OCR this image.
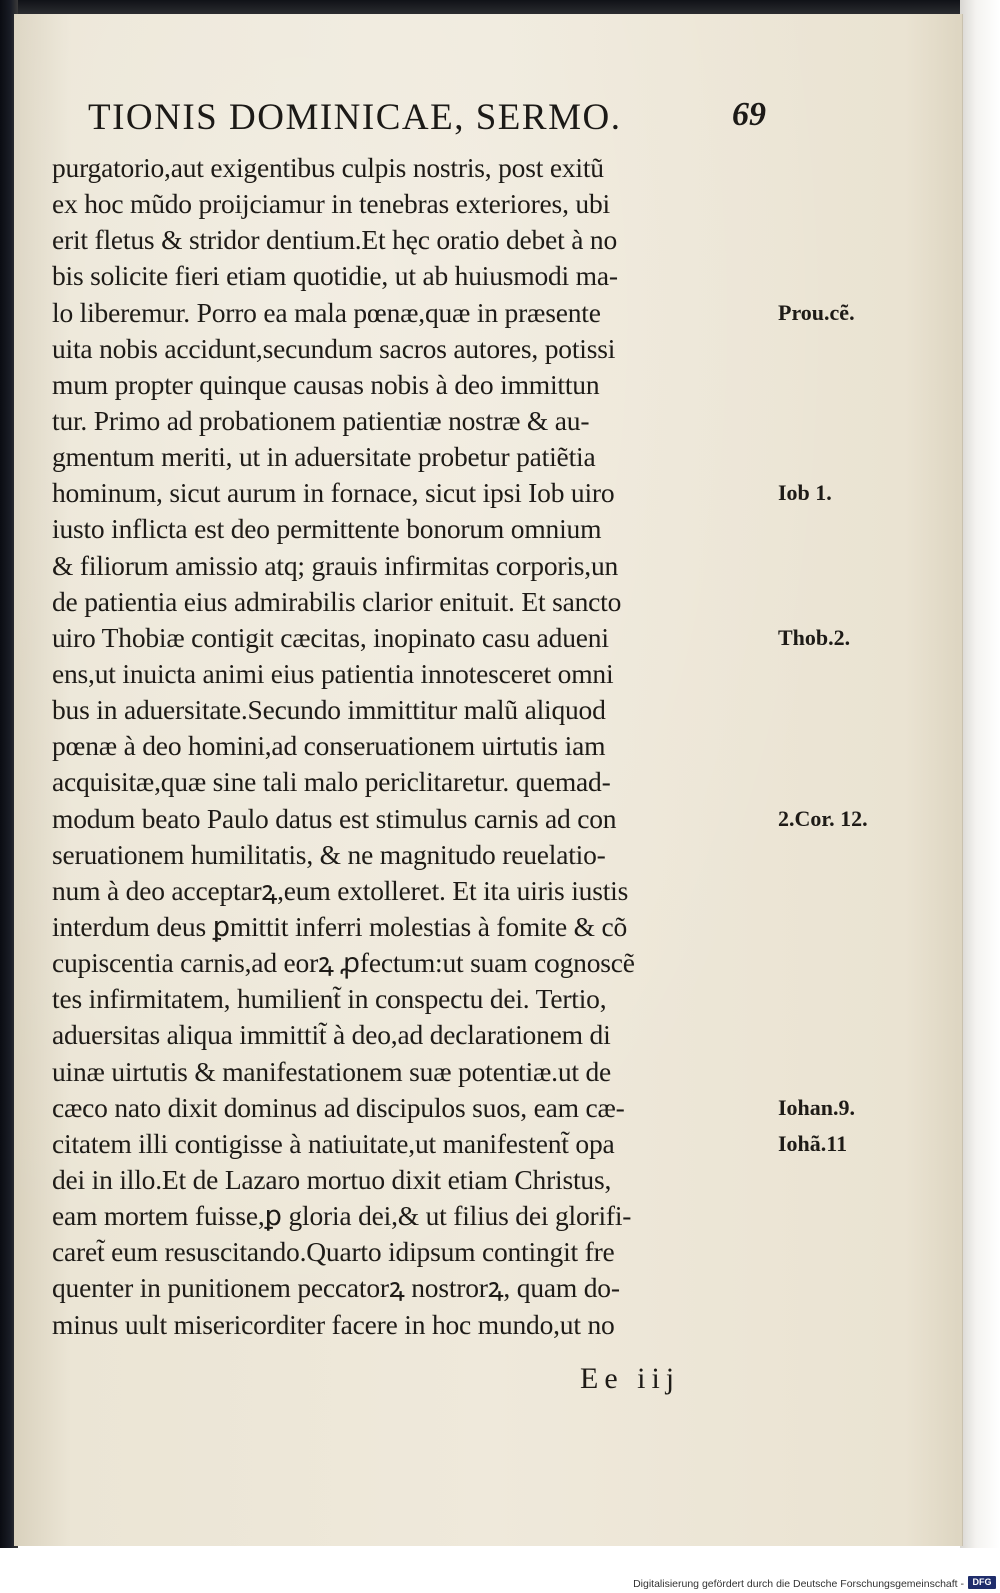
TIONIS DOMINICAE, SERMO.	69
purgatorio,aut exigentibus culpis nostris, post exitũ
ex hoc mũdo proijciamur in tenebras exteriores, ubi
erit fletus & stridor dentium.Et hęc oratio debet à no
bis solicite fieri etiam quotidie, ut ab huiusmodi ma-
lo liberemur. Porro ea mala pœnæ,quæ in præsente
uita nobis accidunt,secundum sacros autores, potissi
mum propter quinque causas nobis à deo immittun
tur. Primo ad probationem patientiæ nostræ & au-
gmentum meriti, ut in aduersitate probetur patiẽtia
hominum, sicut aurum in fornace, sicut ipsi Iob uiro
iusto inflicta est deo permittente bonorum omnium
& filiorum amissio atq; grauis infirmitas corporis,un
de patientia eius admirabilis clarior enituit. Et sancto
uiro Thobiæ contigit cæcitas, inopinato casu adueni
ens,ut inuicta animi eius patientia innotesceret omni
bus in aduersitate.Secundo immittitur malũ aliquod
pœnæ à deo homini,ad conseruationem uirtutis iam
acquisitæ,quæ sine tali malo periclitaretur. quemad-
modum beato Paulo datus est stimulus carnis ad con
seruationem humilitatis, & ne magnitudo reuelatio-
num à deo acceptarꝝ,eum extolleret. Et ita uiris iustis
interdum deus ꝑmittit inferri molestias à fomite & cõ
cupiscentia carnis,ad eorꝝ ꝓfectum:ut suam cognoscẽ
tes infirmitatem, humilient̃ in conspectu dei. Tertio,
aduersitas aliqua immittit̃ à deo,ad declarationem di
uinæ uirtutis & manifestationem suæ potentiæ.ut de
cæco nato dixit dominus ad discipulos suos, eam cæ-
citatem illi contigisse à natiuitate,ut manifestent̃ opa
dei in illo.Et de Lazaro mortuo dixit etiam Christus,
eam mortem fuisse,ꝑ gloria dei,& ut filius dei glorifi-
caret̃ eum resuscitando.Quarto idipsum contingit fre
quenter in punitionem peccatorꝝ nostrorꝝ, quam do-
minus uult misericorditer facere in hoc mundo,ut no
Prou.cẽ.
Iob 1.
Thob.2.
2.Cor. 12.
Iohan.9.
Iohã.11
Ee iij
Digitalisierung gefördert durch die Deutsche Forschungsgemeinschaft - DFG
